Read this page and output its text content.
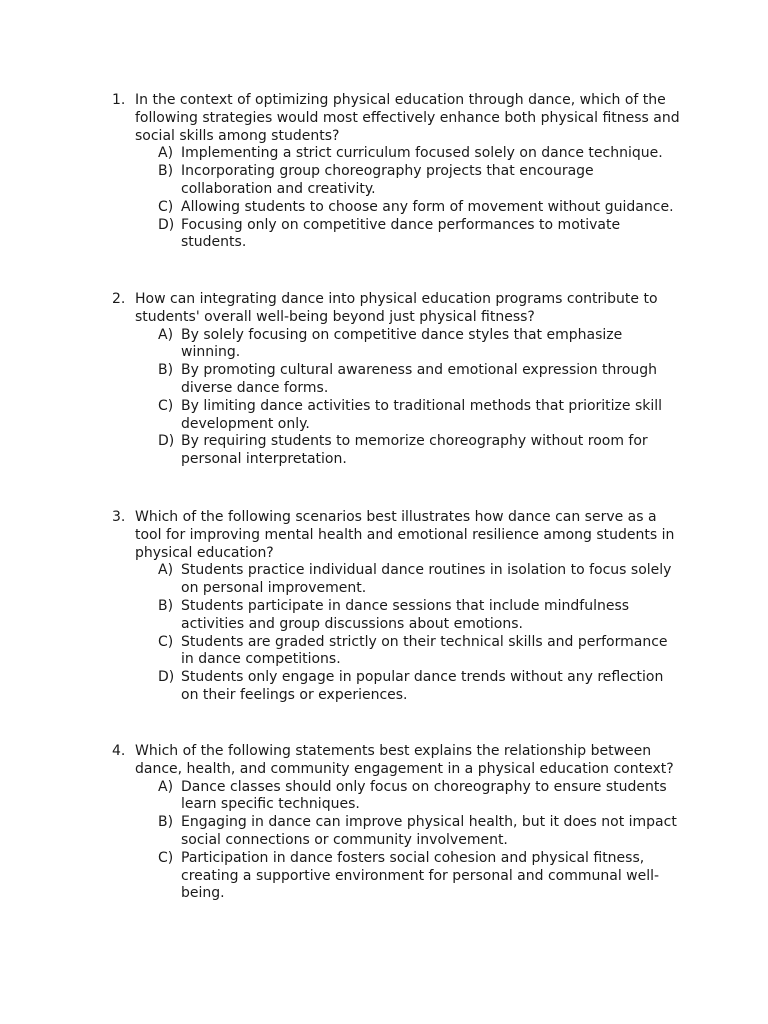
1. In the context of optimizing physical education through dance, which of the following strategies would most effectively enhance both physical fitness and social skills among students?
A) Implementing a strict curriculum focused solely on dance technique.
B) Incorporating group choreography projects that encourage collaboration and creativity.
C) Allowing students to choose any form of movement without guidance.
D) Focusing only on competitive dance performances to motivate students.
2. How can integrating dance into physical education programs contribute to students' overall well-being beyond just physical fitness?
A) By solely focusing on competitive dance styles that emphasize winning.
B) By promoting cultural awareness and emotional expression through diverse dance forms.
C) By limiting dance activities to traditional methods that prioritize skill development only.
D) By requiring students to memorize choreography without room for personal interpretation.
3. Which of the following scenarios best illustrates how dance can serve as a tool for improving mental health and emotional resilience among students in physical education?
A) Students practice individual dance routines in isolation to focus solely on personal improvement.
B) Students participate in dance sessions that include mindfulness activities and group discussions about emotions.
C) Students are graded strictly on their technical skills and performance in dance competitions.
D) Students only engage in popular dance trends without any reflection on their feelings or experiences.
4. Which of the following statements best explains the relationship between dance, health, and community engagement in a physical education context?
A) Dance classes should only focus on choreography to ensure students learn specific techniques.
B) Engaging in dance can improve physical health, but it does not impact social connections or community involvement.
C) Participation in dance fosters social cohesion and physical fitness, creating a supportive environment for personal and communal well-being.
